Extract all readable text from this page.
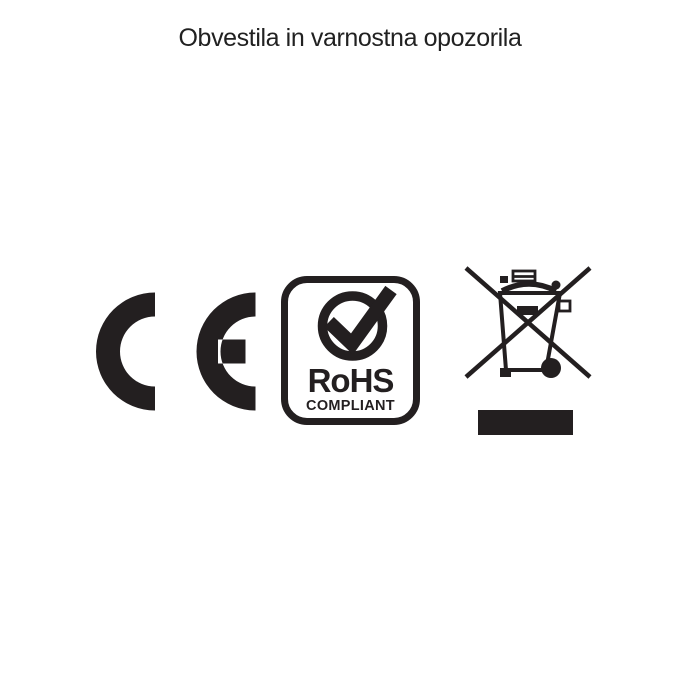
Obvestila in varnostna opozorila

RoHS

COMPLIANT
